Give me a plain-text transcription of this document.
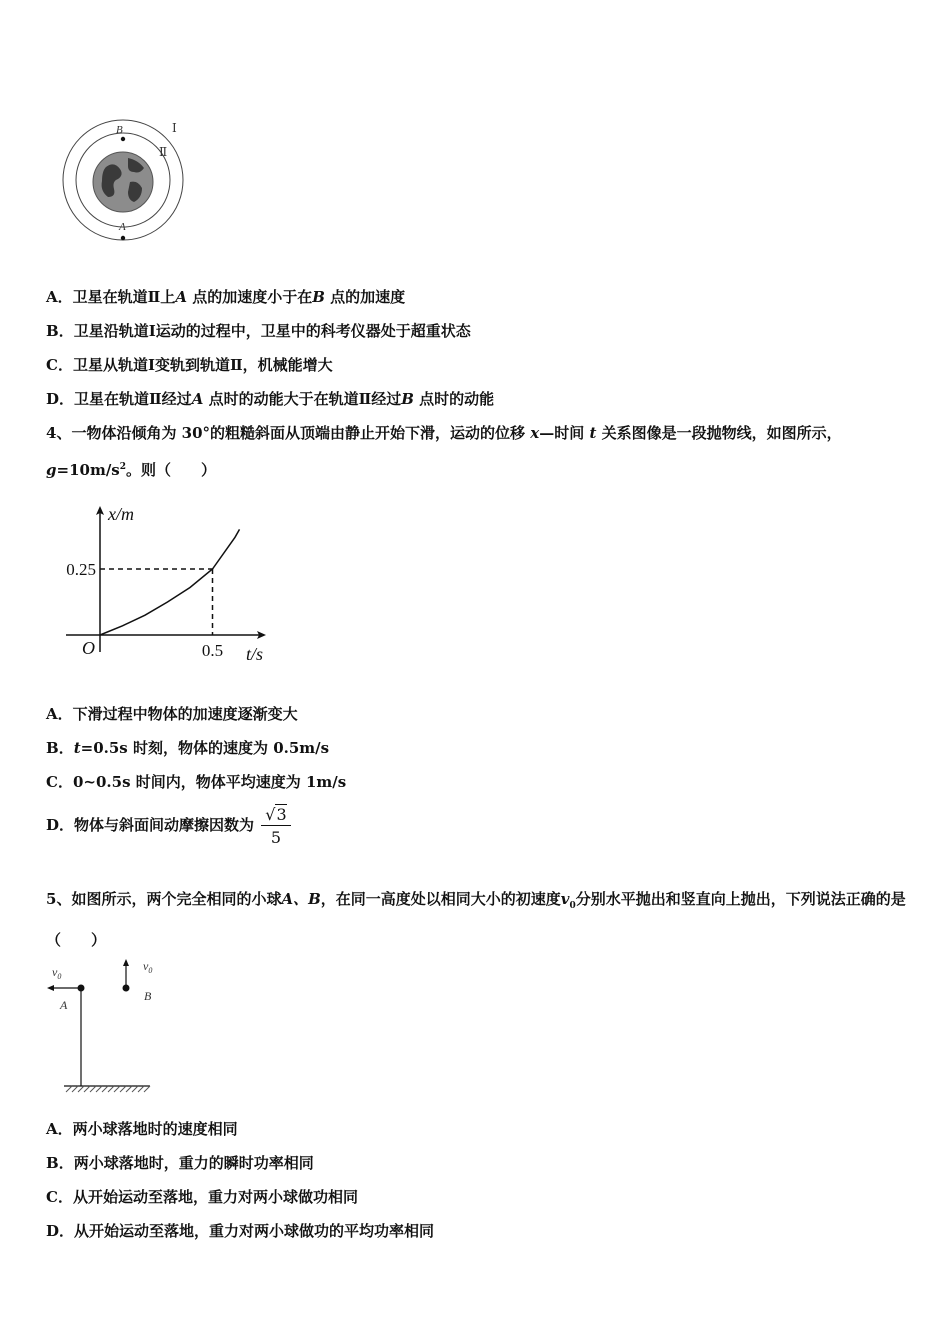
B
A
Ⅰ
Ⅱ
A．卫星在轨道Ⅱ上A 点的加速度小于在B 点的加速度
B．卫星沿轨道Ⅰ运动的过程中，卫星中的科考仪器处于超重状态
C．卫星从轨道Ⅰ变轨到轨道Ⅱ，机械能增大
D．卫星在轨道Ⅱ经过A 点时的动能大于在轨道Ⅱ经过B 点时的动能
4、一物体沿倾角为 30°的粗糙斜面从顶端由静止开始下滑，运动的位移 x—时间 t 关系图像是一段抛物线，如图所示，
$g=10m/s^2$。则（　　）
x/m
t/s
O
0.25
0.5
A．下滑过程中物体的加速度逐渐变大
B．t=0.5s 时刻，物体的速度为 0.5m/s
C．0~0.5s 时间内，物体平均速度为 1m/s
D．物体与斜面间动摩擦因数为 $\frac{√3}{5}$
5、如图所示，两个完全相同的小球A、B，在同一高度处以相同大小的初速度$v_0$分别水平抛出和竖直向上抛出，下列说法正确的是（　　）
$v_0$
A
$v_0$
B
A．两小球落地时的速度相同
B．两小球落地时，重力的瞬时功率相同
C．从开始运动至落地，重力对两小球做功相同
D．从开始运动至落地，重力对两小球做功的平均功率相同
